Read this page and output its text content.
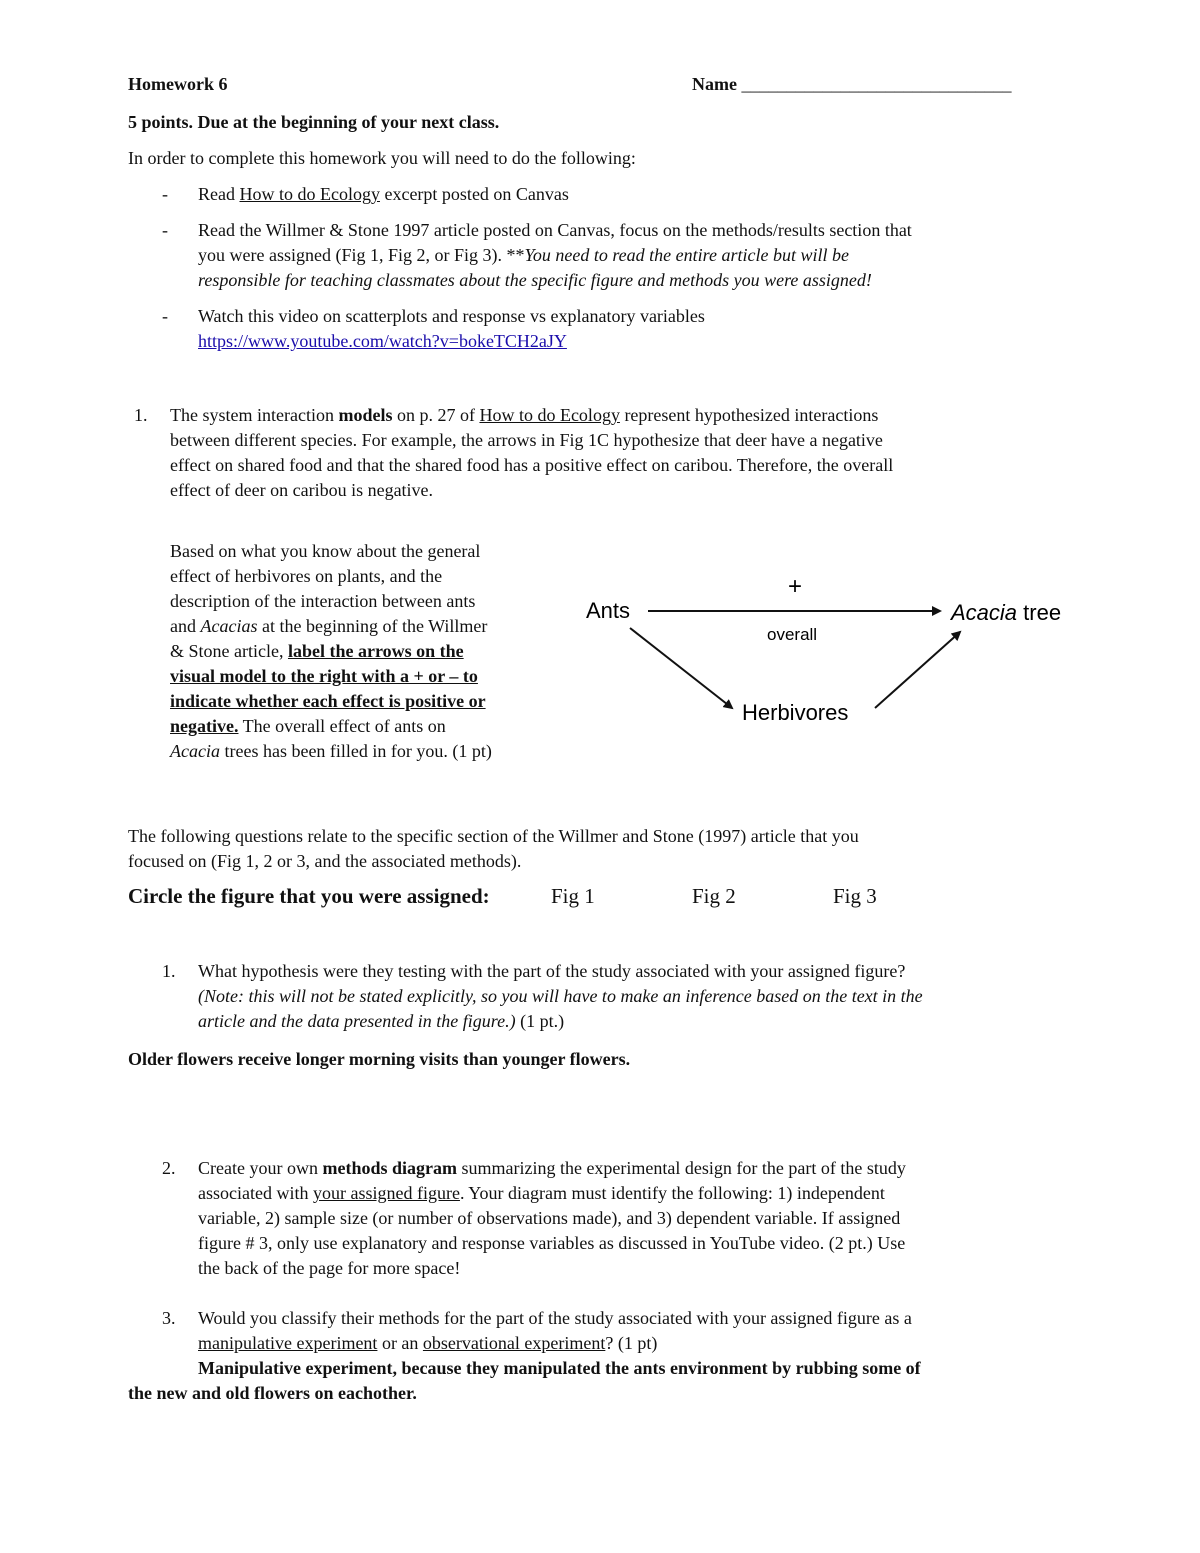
Homework 6	Name ______________________________
5 points. Due at the beginning of your next class.
In order to complete this homework you will need to do the following:
- Read How to do Ecology excerpt posted on Canvas
- Read the Willmer & Stone 1997 article posted on Canvas, focus on the methods/results section that
you were assigned (Fig 1, Fig 2, or Fig 3). **You need to read the entire article but will be
responsible for teaching classmates about the specific figure and methods you were assigned!
- Watch this video on scatterplots and response vs explanatory variables
https://www.youtube.com/watch?v=bokeTCH2aJY
1. The system interaction models on p. 27 of How to do Ecology represent hypothesized interactions
between different species. For example, the arrows in Fig 1C hypothesize that deer have a negative
effect on shared food and that the shared food has a positive effect on caribou. Therefore, the overall
effect of deer on caribou is negative.
Based on what you know about the general
effect of herbivores on plants, and the
description of the interaction between ants
and Acacias at the beginning of the Willmer
& Stone article, label the arrows on the
visual model to the right with a + or – to
indicate whether each effect is positive or
negative. The overall effect of ants on
Acacia trees has been filled in for you. (1 pt)
Ants	Acacia tree
Herbivores
+
overall
The following questions relate to the specific section of the Willmer and Stone (1997) article that you
focused on (Fig 1, 2 or 3, and the associated methods).
Circle the figure that you were assigned:	Fig 1	Fig 2	Fig 3
1. What hypothesis were they testing with the part of the study associated with your assigned figure?
(Note: this will not be stated explicitly, so you will have to make an inference based on the text in the
article and the data presented in the figure.) (1 pt.)
Older flowers receive longer morning visits than younger flowers.
2. Create your own methods diagram summarizing the experimental design for the part of the study
associated with your assigned figure. Your diagram must identify the following: 1) independent
variable, 2) sample size (or number of observations made), and 3) dependent variable. If assigned
figure # 3, only use explanatory and response variables as discussed in YouTube video. (2 pt.) Use
the back of the page for more space!
3. Would you classify their methods for the part of the study associated with your assigned figure as a
manipulative experiment or an observational experiment? (1 pt)
Manipulative experiment, because they manipulated the ants environment by rubbing some of
the new and old flowers on eachother.
